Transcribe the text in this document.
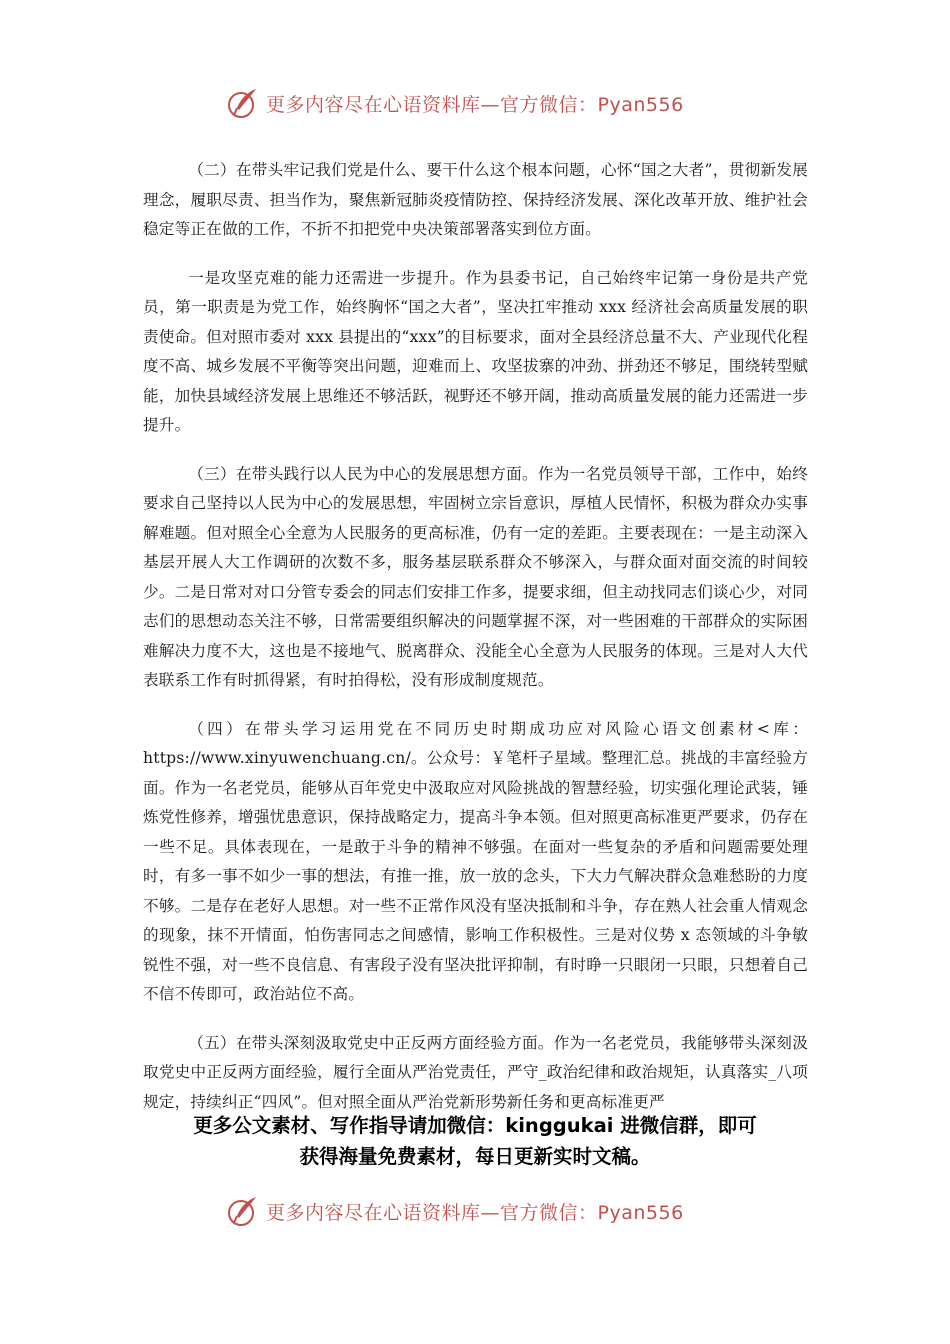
更多内容尽在心语资料库—官方微信：Pyan556

（二）在带头牢记我们党是什么、要干什么这个根本问题，心怀“国之大者”，贯彻新发展理念，履职尽责、担当作为，聚焦新冠肺炎疫情防控、保持经济发展、深化改革开放、维护社会稳定等正在做的工作，不折不扣把党中央决策部署落实到位方面。

一是攻坚克难的能力还需进一步提升。作为县委书记，自己始终牢记第一身份是共产党员，第一职责是为党工作，始终胸怀“国之大者”，坚决扛牢推动 xxx 经济社会高质量发展的职责使命。但对照市委对 xxx 县提出的“xxx”的目标要求，面对全县经济总量不大、产业现代化程度不高、城乡发展不平衡等突出问题，迎难而上、攻坚拔寨的冲劲、拼劲还不够足，围绕转型赋能，加快县域经济发展上思维还不够活跃，视野还不够开阔，推动高质量发展的能力还需进一步提升。

（三）在带头践行以人民为中心的发展思想方面。作为一名党员领导干部，工作中，始终要求自己坚持以人民为中心的发展思想，牢固树立宗旨意识，厚植人民情怀，积极为群众办实事解难题。但对照全心全意为人民服务的更高标准，仍有一定的差距。主要表现在：一是主动深入基层开展人大工作调研的次数不多，服务基层联系群众不够深入，与群众面对面交流的时间较少。二是日常对对口分管专委会的同志们安排工作多，提要求细，但主动找同志们谈心少，对同志们的思想动态关注不够，日常需要组织解决的问题掌握不深，对一些困难的干部群众的实际困难解决力度不大，这也是不接地气、脱离群众、没能全心全意为人民服务的体现。三是对人大代表联系工作有时抓得紧，有时拍得松，没有形成制度规范。

（四）在带头学习运用党在不同历史时期成功应对风险心语文创素材<库：https://www.xinyuwenchuang.cn/。公众号：￥笔杆子星域。整理汇总。挑战的丰富经验方面。作为一名老党员，能够从百年党史中汲取应对风险挑战的智慧经验，切实强化理论武装，锤炼党性修养，增强忧患意识，保持战略定力，提高斗争本领。但对照更高标准更严要求，仍存在一些不足。具体表现在，一是敢于斗争的精神不够强。在面对一些复杂的矛盾和问题需要处理时，有多一事不如少一事的想法，有推一推，放一放的念头，下大力气解决群众急难愁盼的力度不够。二是存在老好人思想。对一些不正常作风没有坚决抵制和斗争，存在熟人社会重人情观念的现象，抹不开情面，怕伤害同志之间感情，影响工作积极性。三是对仪势 x 态领域的斗争敏锐性不强，对一些不良信息、有害段子没有坚决批评抑制，有时睁一只眼闭一只眼，只想着自己不信不传即可，政治站位不高。

（五）在带头深刻汲取党史中正反两方面经验方面。作为一名老党员，我能够带头深刻汲取党史中正反两方面经验，履行全面从严治党责任，严守_政治纪律和政治规矩，认真落实_八项规定，持续纠正“四风”。但对照全面从严治党新形势新任务和更高标准更严

更多公文素材、写作指导请加微信：kinggukai 进微信群，即可
获得海量免费素材，每日更新实时文稿。
更多内容尽在心语资料库—官方微信：Pyan556
